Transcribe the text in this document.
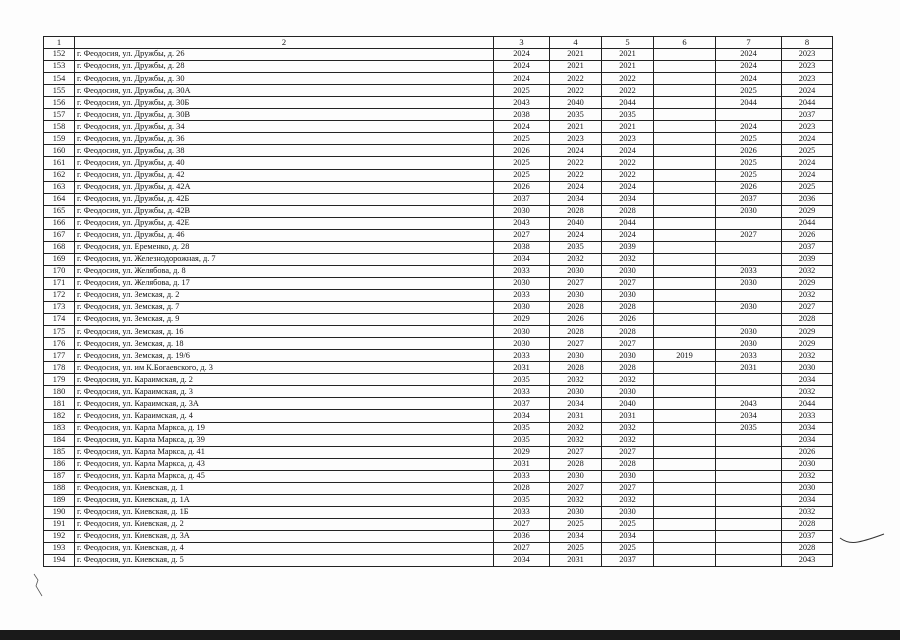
1	2	3	4	5	6	7	8
152	г. Феодосия, ул. Дружбы, д. 26	2024	2021	2021		2024	2023
153	г. Феодосия, ул. Дружбы, д. 28	2024	2021	2021		2024	2023
154	г. Феодосия, ул. Дружбы, д. 30	2024	2022	2022		2024	2023
155	г. Феодосия, ул. Дружбы, д. 30А	2025	2022	2022		2025	2024
156	г. Феодосия, ул. Дружбы, д. 30Б	2043	2040	2044		2044	2044
157	г. Феодосия, ул. Дружбы, д. 30В	2038	2035	2035			2037
158	г. Феодосия, ул. Дружбы, д. 34	2024	2021	2021		2024	2023
159	г. Феодосия, ул. Дружбы, д. 36	2025	2023	2023		2025	2024
160	г. Феодосия, ул. Дружбы, д. 38	2026	2024	2024		2026	2025
161	г. Феодосия, ул. Дружбы, д. 40	2025	2022	2022		2025	2024
162	г. Феодосия, ул. Дружбы, д. 42	2025	2022	2022		2025	2024
163	г. Феодосия, ул. Дружбы, д. 42А	2026	2024	2024		2026	2025
164	г. Феодосия, ул. Дружбы, д. 42Б	2037	2034	2034		2037	2036
165	г. Феодосия, ул. Дружбы, д. 42В	2030	2028	2028		2030	2029
166	г. Феодосия, ул. Дружбы, д. 42Е	2043	2040	2044			2044
167	г. Феодосия, ул. Дружбы, д. 46	2027	2024	2024		2027	2026
168	г. Феодосия, ул. Еременко, д. 28	2038	2035	2039			2037
169	г. Феодосия, ул. Железнодорожная, д. 7	2034	2032	2032			2039
170	г. Феодосия, ул. Желябова, д. 8	2033	2030	2030		2033	2032
171	г. Феодосия, ул. Желябова, д. 17	2030	2027	2027		2030	2029
172	г. Феодосия, ул. Земская, д. 2	2033	2030	2030			2032
173	г. Феодосия, ул. Земская, д. 7	2030	2028	2028		2030	2027
174	г. Феодосия, ул. Земская, д. 9	2029	2026	2026			2028
175	г. Феодосия, ул. Земская, д. 16	2030	2028	2028		2030	2029
176	г. Феодосия, ул. Земская, д. 18	2030	2027	2027		2030	2029
177	г. Феодосия, ул. Земская, д. 19/6	2033	2030	2030	2019	2033	2032
178	г. Феодосия, ул. им К.Богаевского, д. 3	2031	2028	2028		2031	2030
179	г. Феодосия, ул. Караимская, д. 2	2035	2032	2032			2034
180	г. Феодосия, ул. Караимская, д. 3	2033	2030	2030			2032
181	г. Феодосия, ул. Караимская, д. 3А	2037	2034	2040		2043	2044
182	г. Феодосия, ул. Караимская, д. 4	2034	2031	2031		2034	2033
183	г. Феодосия, ул. Карла Маркса, д. 19	2035	2032	2032		2035	2034
184	г. Феодосия, ул. Карла Маркса, д. 39	2035	2032	2032			2034
185	г. Феодосия, ул. Карла Маркса, д. 41	2029	2027	2027			2026
186	г. Феодосия, ул. Карла Маркса, д. 43	2031	2028	2028			2030
187	г. Феодосия, ул. Карла Маркса, д. 45	2033	2030	2030			2032
188	г. Феодосия, ул. Киевская, д. 1	2028	2027	2027			2030
189	г. Феодосия, ул. Киевская, д. 1А	2035	2032	2032			2034
190	г. Феодосия, ул. Киевская, д. 1Б	2033	2030	2030			2032
191	г. Феодосия, ул. Киевская, д. 2	2027	2025	2025			2028
192	г. Феодосия, ул. Киевская, д. 3А	2036	2034	2034			2037
193	г. Феодосия, ул. Киевская, д. 4	2027	2025	2025			2028
194	г. Феодосия, ул. Киевская, д. 5	2034	2031	2037			2043
